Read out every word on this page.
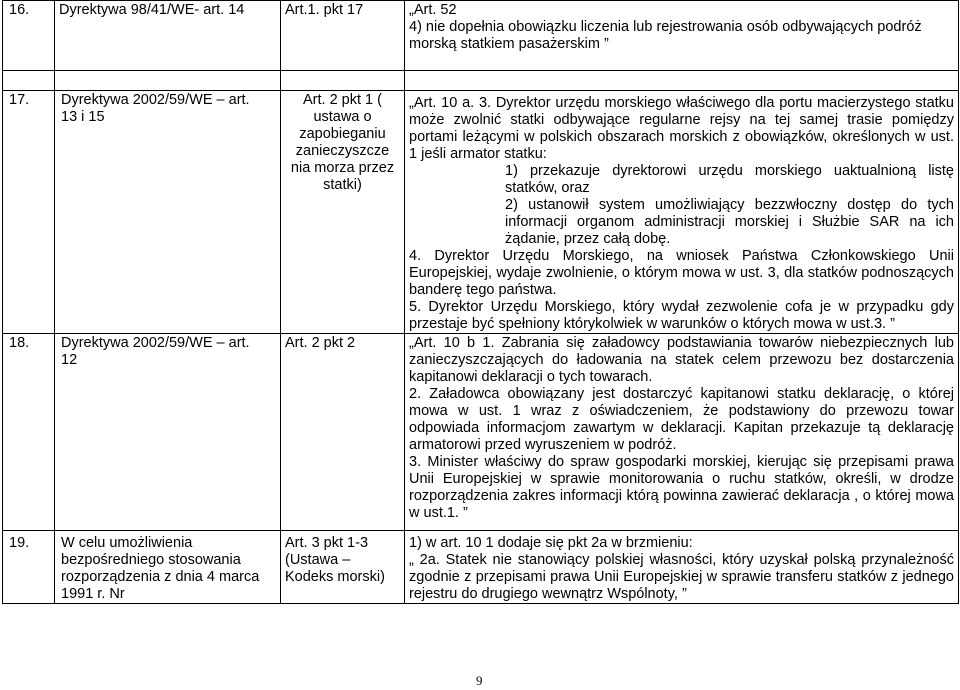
16.	Dyrektywa 98/41/WE- art. 14	Art.1. pkt 17	„Art. 52

4) nie dopełnia obowiązku liczenia lub rejestrowania osób odbywających podróż morską statkiem pasażerskim ”

17.	Dyrektywa 2002/59/WE – art. 13 i 15	Art. 2 pkt 1 ( ustawa o zapobieganiu zanieczyszcze nia morza przez statki)	„Art. 10 a. 3. Dyrektor urzędu morskiego właściwego dla portu macierzystego statku może zwolnić statki odbywające regularne rejsy na tej samej trasie pomiędzy portami leżącymi w polskich obszarach morskich z obowiązków, określonych w ust. 1 jeśli armator statku:

1) przekazuje dyrektorowi urzędu morskiego uaktualnioną listę statków, oraz

2) ustanowił system umożliwiający bezzwłoczny dostęp do tych informacji organom administracji morskiej i Służbie SAR na ich żądanie, przez całą dobę.

4. Dyrektor Urzędu Morskiego, na wniosek Państwa Członkowskiego Unii Europejskiej, wydaje zwolnienie, o którym mowa w ust. 3, dla statków podnoszących banderę tego państwa.

5. Dyrektor Urzędu Morskiego, który wydał zezwolenie cofa je w przypadku gdy przestaje być spełniony którykolwiek w warunków o których mowa w ust.3. ”

18.	Dyrektywa 2002/59/WE – art. 12	Art. 2 pkt 2	„Art. 10 b 1. Zabrania się załadowcy podstawiania towarów niebezpiecznych lub zanieczyszczających do ładowania na statek celem przewozu bez dostarczenia kapitanowi deklaracji o tych towarach.

2. Załadowca obowiązany jest dostarczyć kapitanowi statku deklarację, o której mowa w ust. 1 wraz z oświadczeniem, że podstawiony do przewozu towar odpowiada informacjom zawartym w deklaracji. Kapitan przekazuje tą deklarację armatorowi przed wyruszeniem w podróż.

3. Minister właściwy do spraw gospodarki morskiej, kierując się przepisami prawa Unii Europejskiej w sprawie monitorowania o ruchu statków, określi, w drodze rozporządzenia zakres informacji którą powinna zawierać deklaracja , o której mowa w ust.1. ”

19.	W celu umożliwienia bezpośredniego stosowania rozporządzenia z dnia 4 marca 1991 r. Nr	Art. 3 pkt 1-3 (Ustawa – Kodeks morski)	1) w art. 10 1 dodaje się pkt 2a w brzmieniu:

„ 2a. Statek nie stanowiący polskiej własności, który uzyskał polską przynależność zgodnie z przepisami prawa Unii Europejskiej w sprawie transferu statków z jednego rejestru do drugiego wewnątrz Wspólnoty, ”

9
